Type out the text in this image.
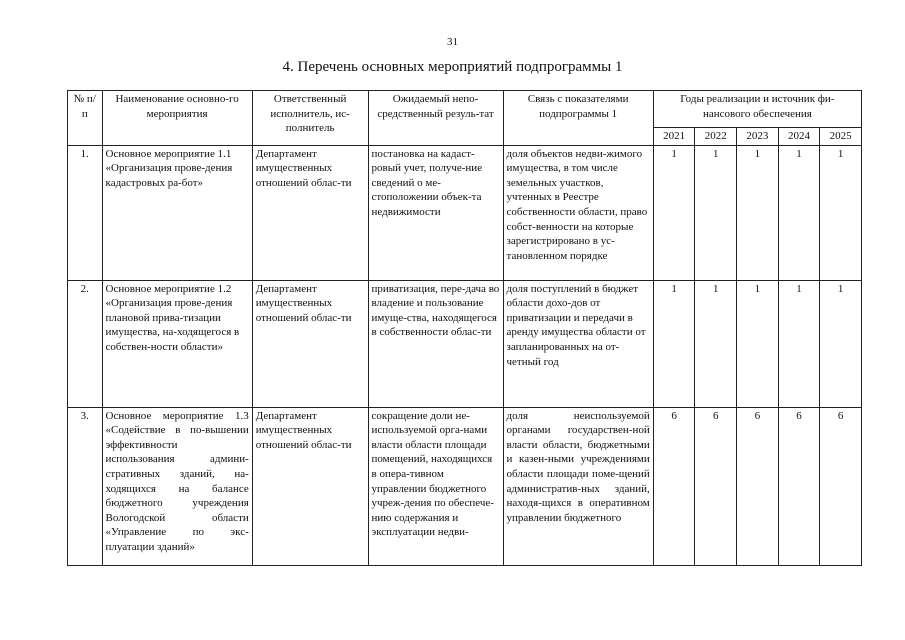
31
4. Перечень основных мероприятий подпрограммы 1
№ п/п	Наименование основно-го мероприятия	Ответственный исполнитель, ис-полнитель	Ожидаемый непо-средственный резуль-тат	Связь с показателями подпрограммы 1	Годы реализации и источник фи-нансового обеспечения				
					2021	2022	2023	2024	2025
1.	Основное мероприятие 1.1 «Организация прове-дения кадастровых ра-бот»	Департамент имущественных отношений облас-ти	постановка на кадаст-ровый учет, получе-ние сведений о ме-стоположении объек-та недвижимости	доля объектов недви-жимого имущества, в том числе земельных участков, учтенных в Реестре собственности области, право собст-венности на которые зарегистрировано в ус-тановленном порядке	1	1	1	1	1
2.	Основное мероприятие 1.2 «Организация прове-дения плановой прива-тизации имущества, на-ходящегося в собствен-ности области»	Департамент имущественных отношений облас-ти	приватизация, пере-дача во владение и пользование имуще-ства, находящегося в собственности облас-ти	доля поступлений в бюджет области дохо-дов от приватизации и передачи в аренду имущества области от запланированных на от-четный год	1	1	1	1	1
3.	Основное мероприятие 1.3 «Содействие в по-вышении эффективности использования админи-стративных зданий, на-ходящихся на балансе бюджетного учреждения Вологодской области «Управление по экс-плуатации зданий»	Департамент имущественных отношений облас-ти	сокращение доли не-используемой орга-нами власти области площади помещений, находящихся в опера-тивном управлении бюджетного учреж-дения по обеспече-нию содержания и эксплуатации недви-	доля неиспользуемой органами государствен-ной власти области, бюджетными и казен-ными учреждениями области площади поме-щений административ-ных зданий, находя-щихся в оперативном управлении бюджетного	6	6	6	6	6
